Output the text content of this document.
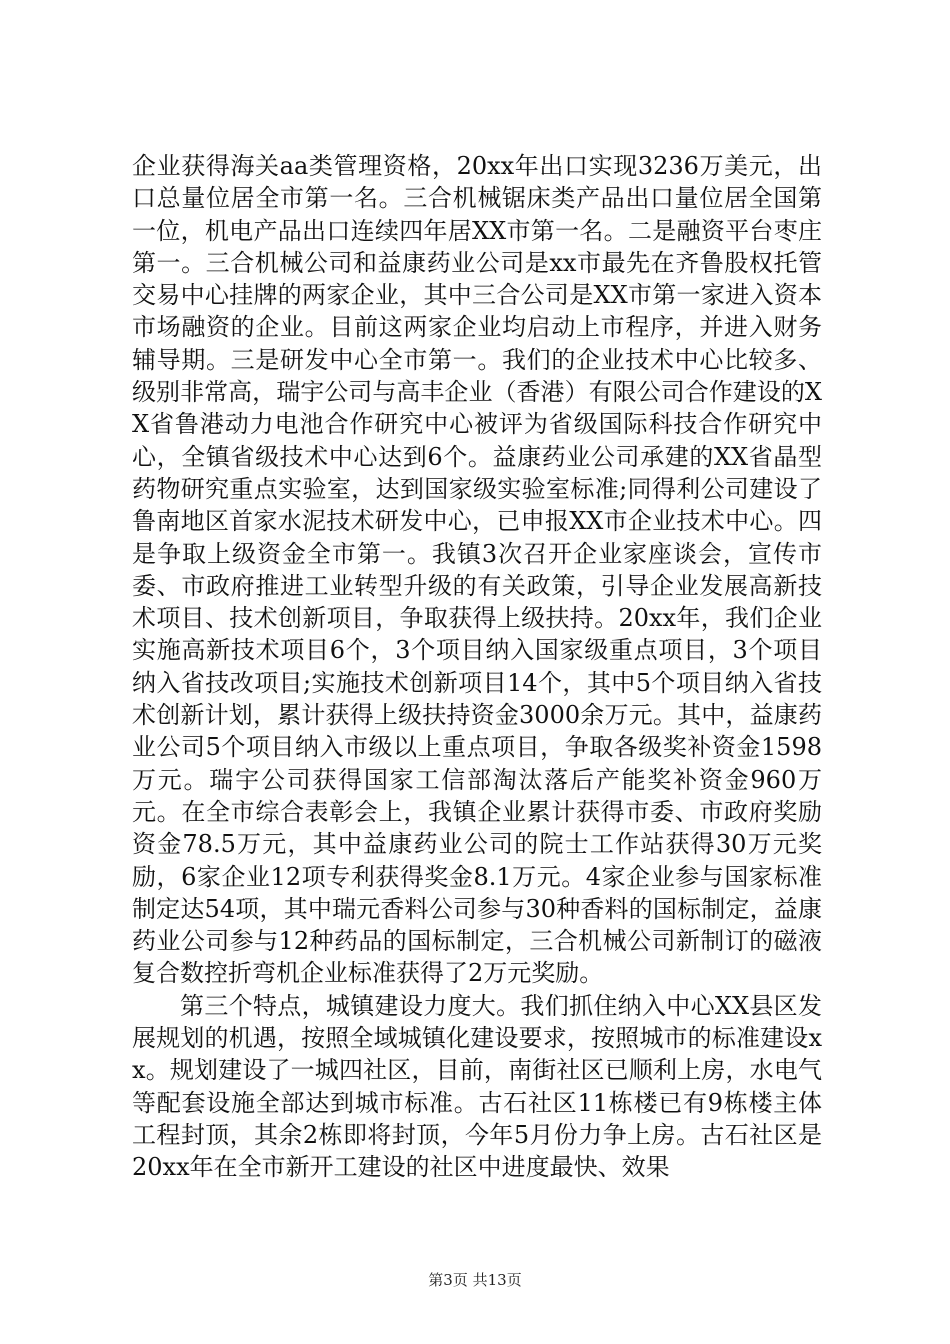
企业获得海关aa类管理资格，20xx年出口实现3236万美元，出口总量位居全市第一名。三合机械锯床类产品出口量位居全国第一位，机电产品出口连续四年居XX市第一名。二是融资平台枣庄第一。三合机械公司和益康药业公司是xx市最先在齐鲁股权托管交易中心挂牌的两家企业，其中三合公司是XX市第一家进入资本市场融资的企业。目前这两家企业均启动上市程序，并进入财务辅导期。三是研发中心全市第一。我们的企业技术中心比较多、级别非常高，瑞宇公司与高丰企业（香港）有限公司合作建设的XX省鲁港动力电池合作研究中心被评为省级国际科技合作研究中心，全镇省级技术中心达到6个。益康药业公司承建的XX省晶型药物研究重点实验室，达到国家级实验室标准;同得利公司建设了鲁南地区首家水泥技术研发中心，已申报XX市企业技术中心。四是争取上级资金全市第一。我镇3次召开企业家座谈会，宣传市委、市政府推进工业转型升级的有关政策，引导企业发展高新技术项目、技术创新项目，争取获得上级扶持。20xx年，我们企业实施高新技术项目6个，3个项目纳入国家级重点项目，3个项目纳入省技改项目;实施技术创新项目14个，其中5个项目纳入省技术创新计划，累计获得上级扶持资金3000余万元。其中，益康药业公司5个项目纳入市级以上重点项目，争取各级奖补资金1598万元。瑞宇公司获得国家工信部淘汰落后产能奖补资金960万元。在全市综合表彰会上，我镇企业累计获得市委、市政府奖励资金78.5万元，其中益康药业公司的院士工作站获得30万元奖励，6家企业12项专利获得奖金8.1万元。4家企业参与国家标准制定达54项，其中瑞元香料公司参与30种香料的国标制定，益康药业公司参与12种药品的国标制定，三合机械公司新制订的磁液复合数控折弯机企业标准获得了2万元奖励。

第三个特点，城镇建设力度大。我们抓住纳入中心XX县区发展规划的机遇，按照全域城镇化建设要求，按照城市的标准建设xx。规划建设了一城四社区，目前，南街社区已顺利上房，水电气等配套设施全部达到城市标准。古石社区11栋楼已有9栋楼主体工程封顶，其余2栋即将封顶，今年5月份力争上房。古石社区是20xx年在全市新开工建设的社区中进度最快、效果

第3页 共13页
